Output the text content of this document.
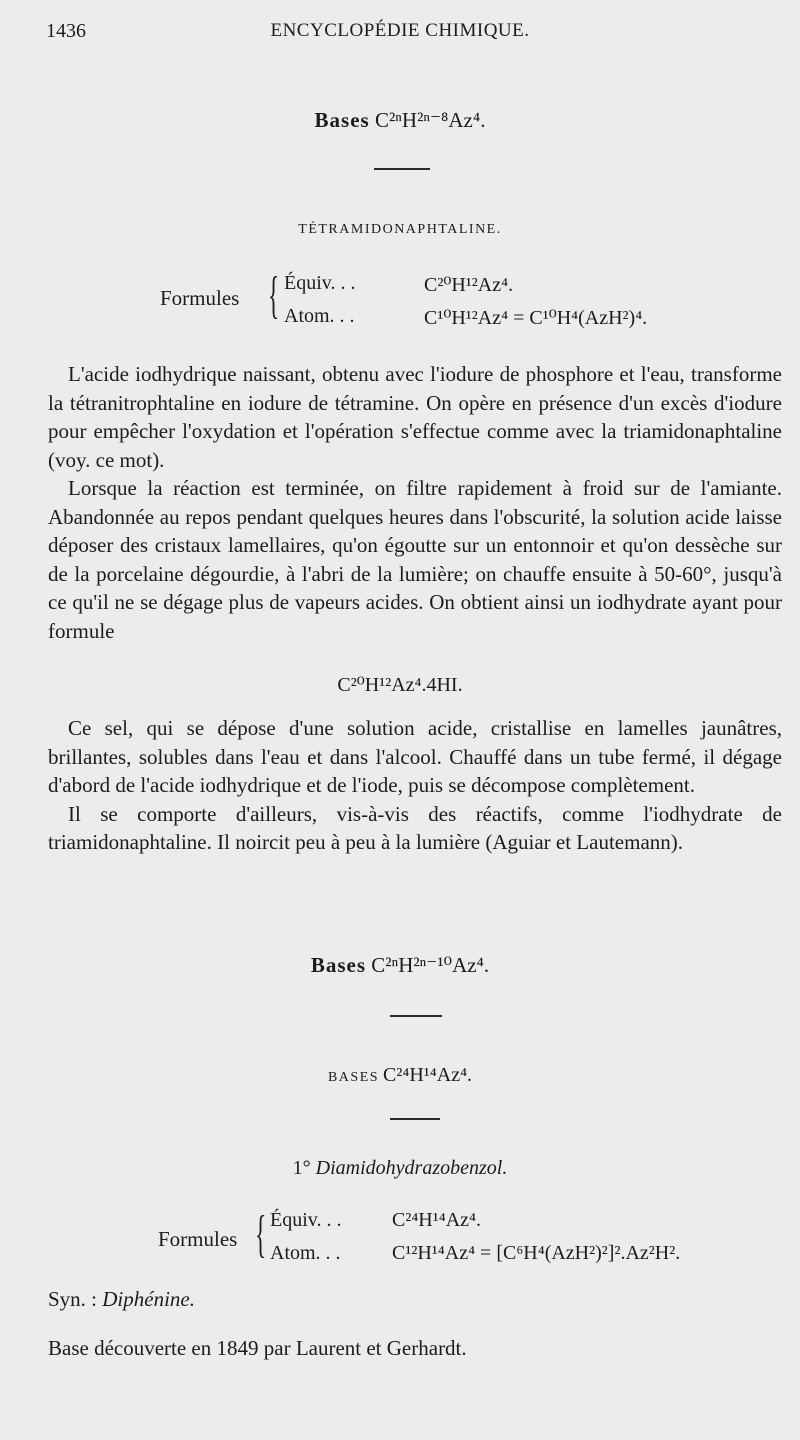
1436	ENCYCLOPÉDIE CHIMIQUE.
Bases C²ⁿH²ⁿ⁻⁸Az⁴.
TÉTRAMIDONAPHTALINE.
Formules { Équiv. . .	C²⁰H¹²Az⁴.
Atom. . .	C¹⁰H¹²Az⁴ = C¹⁰H⁴(AzH²)⁴.

L'acide iodhydrique naissant, obtenu avec l'iodure de phosphore et l'eau, transforme la tétranitrophtaline en iodure de tétramine. On opère en présence d'un excès d'iodure pour empêcher l'oxydation et l'opération s'effectue comme avec la triamidonaphtaline (voy. ce mot).

Lorsque la réaction est terminée, on filtre rapidement à froid sur de l'amiante. Abandonnée au repos pendant quelques heures dans l'obscurité, la solution acide laisse déposer des cristaux lamellaires, qu'on égoutte sur un entonnoir et qu'on dessèche sur de la porcelaine dégourdie, à l'abri de la lumière; on chauffe ensuite à 50-60°, jusqu'à ce qu'il ne se dégage plus de vapeurs acides. On obtient ainsi un iodhydrate ayant pour formule

C²⁰H¹²Az⁴.4HI.

Ce sel, qui se dépose d'une solution acide, cristallise en lamelles jaunâtres, brillantes, solubles dans l'eau et dans l'alcool. Chauffé dans un tube fermé, il dégage d'abord de l'acide iodhydrique et de l'iode, puis se décompose complètement.

Il se comporte d'ailleurs, vis-à-vis des réactifs, comme l'iodhydrate de triamidonaphtaline. Il noircit peu à peu à la lumière (Aguiar et Lautemann).

Bases C²ⁿH²ⁿ⁻¹⁰Az⁴.
BASES C²⁴H¹⁴Az⁴.
1° Diamidohydrazobenzol.
Formules { Équiv. . .	C²⁴H¹⁴Az⁴.
Atom. . .	C¹²H¹⁴Az⁴ = [C⁶H⁴(AzH²)²]².Az²H².
Syn. : Diphénine.
Base découverte en 1849 par Laurent et Gerhardt.
